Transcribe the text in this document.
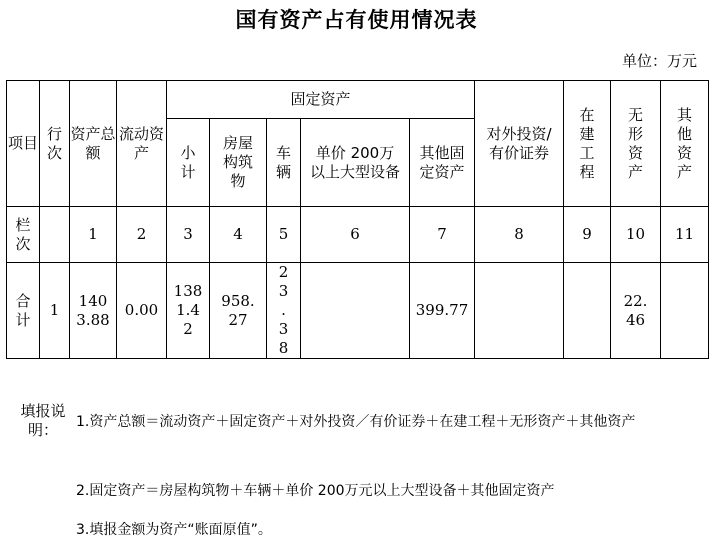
国有资产占有使用情况表
单位：万元
项目	行次	资产总额	流动资产	固定资产					对外投资/有价证券	在建工程	无形资产	其他资产
				小计	房屋构筑物	车辆	单价 200万以上大型设备	其他固定资产				
栏次		1	2	3	4	5	6	7	8	9	10	11
合计	1	1403.88	0.00	1381.42	958.27	23.38		399.77			22.46	
填报说明：	1.资产总额＝流动资产＋固定资产＋对外投资／有价证券＋在建工程＋无形资产＋其他资产
2.固定资产＝房屋构筑物＋车辆＋单价 200万元以上大型设备＋其他固定资产
3.填报金额为资产“账面原值”。
